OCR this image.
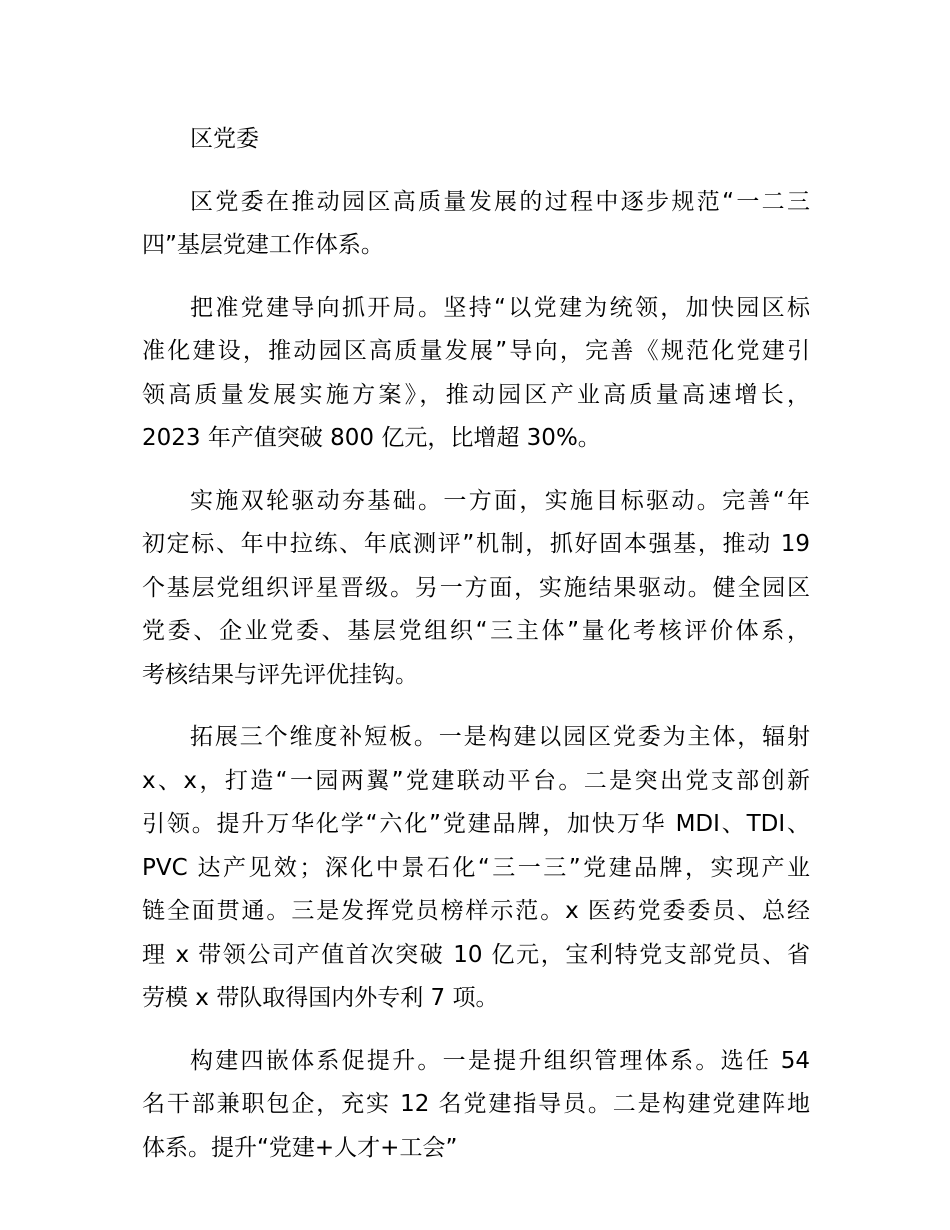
区党委
区党委在推动园区高质量发展的过程中逐步规范“一二三
四”基层党建工作体系。
把准党建导向抓开局。坚持“以党建为统领，加快园区标
准化建设，推动园区高质量发展”导向，完善《规范化党建引
领高质量发展实施方案》，推动园区产业高质量高速增长，
2023 年产值突破 800 亿元，比增超 30%。
实施双轮驱动夯基础。一方面，实施目标驱动。完善“年
初定标、年中拉练、年底测评”机制，抓好固本强基，推动 19
个基层党组织评星晋级。另一方面，实施结果驱动。健全园区
党委、企业党委、基层党组织“三主体”量化考核评价体系，
考核结果与评先评优挂钩。
拓展三个维度补短板。一是构建以园区党委为主体，辐射
x、x，打造“一园两翼”党建联动平台。二是突出党支部创新
引领。提升万华化学“六化”党建品牌，加快万华 MDI、TDI、
PVC 达产见效；深化中景石化“三一三”党建品牌，实现产业
链全面贯通。三是发挥党员榜样示范。x 医药党委委员、总经
理 x 带领公司产值首次突破 10 亿元，宝利特党支部党员、省
劳模 x 带队取得国内外专利 7 项。
构建四嵌体系促提升。一是提升组织管理体系。选任 54
名干部兼职包企，充实 12 名党建指导员。二是构建党建阵地
体系。提升“党建+人才+工会”
